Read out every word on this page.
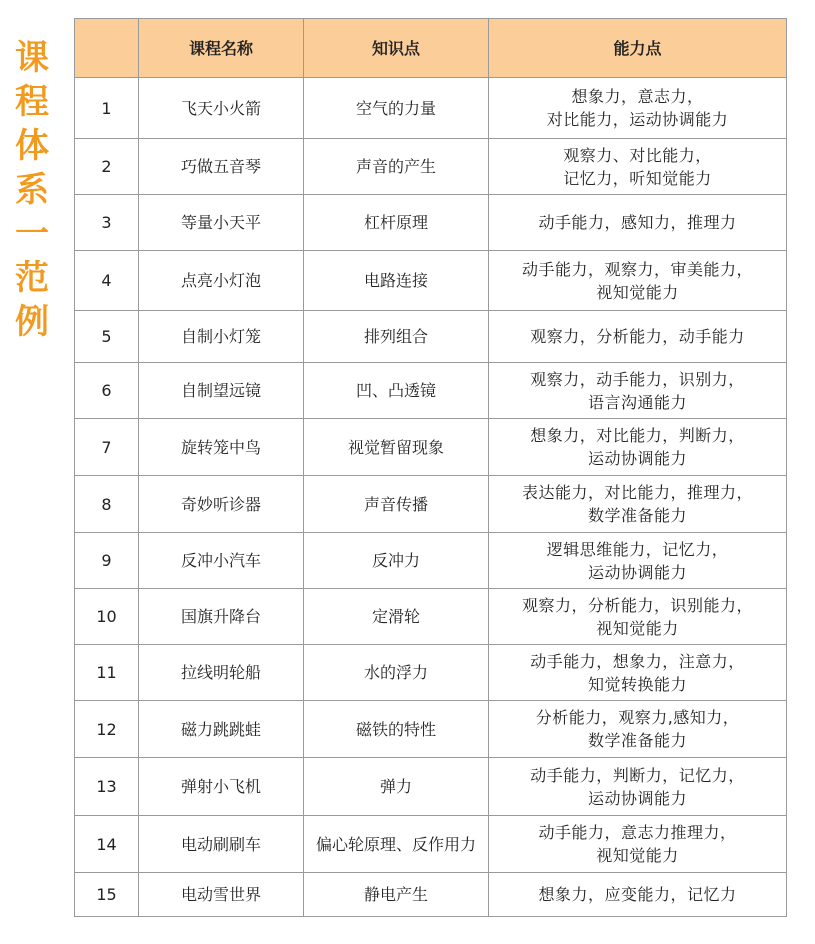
课
程
体
系
一
范
例
	课程名称	知识点	能力点
1	飞天小火箭	空气的力量	想象力，意志力，
对比能力，运动协调能力
2	巧做五音琴	声音的产生	观察力、对比能力，
记忆力，听知觉能力
3	等量小天平	杠杆原理	动手能力，感知力，推理力
4	点亮小灯泡	电路连接	动手能力，观察力，审美能力，
视知觉能力
5	自制小灯笼	排列组合	观察力，分析能力，动手能力
6	自制望远镜	凹、凸透镜	观察力，动手能力，识别力，
语言沟通能力
7	旋转笼中鸟	视觉暂留现象	想象力，对比能力，判断力，
运动协调能力
8	奇妙听诊器	声音传播	表达能力，对比能力，推理力，
数学准备能力
9	反冲小汽车	反冲力	逻辑思维能力，记忆力，
运动协调能力
10	国旗升降台	定滑轮	观察力，分析能力，识别能力，
视知觉能力
11	拉线明轮船	水的浮力	动手能力，想象力，注意力，
知觉转换能力
12	磁力跳跳蛙	磁铁的特性	分析能力，观察力,感知力，
数学准备能力
13	弹射小飞机	弹力	动手能力，判断力，记忆力，
运动协调能力
14	电动刷刷车	偏心轮原理、反作用力	动手能力，意志力推理力，
视知觉能力
15	电动雪世界	静电产生	想象力，应变能力，记忆力
